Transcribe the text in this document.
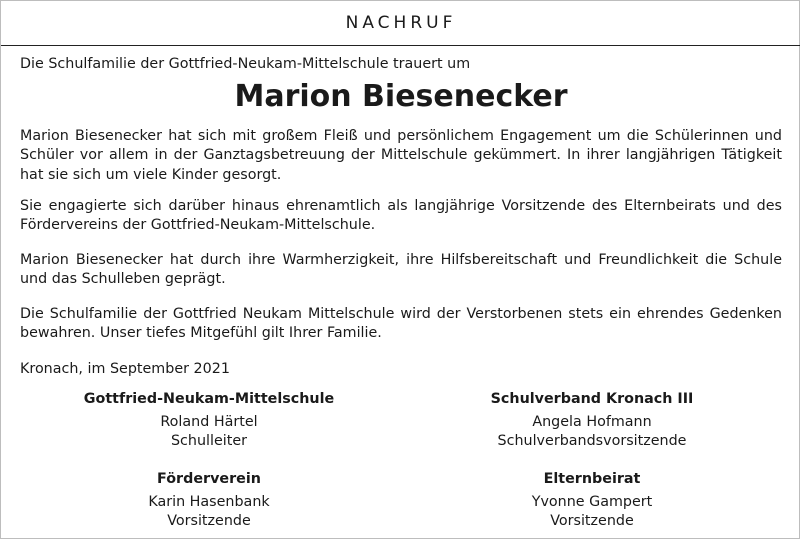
NACHRUF

Die Schulfamilie der Gottfried-Neukam-Mittelschule trauert um

Marion Biesenecker

Marion Biesenecker hat sich mit großem Fleiß und persönlichem Engagement um die Schülerinnen und Schüler vor allem in der Ganztagsbetreuung der Mittelschule gekümmert. In ihrer langjährigen Tätigkeit hat sie sich um viele Kinder gesorgt.

Sie engagierte sich darüber hinaus ehrenamtlich als langjährige Vorsitzende des Elternbeirats und des Fördervereins der Gottfried-Neukam-Mittelschule.

Marion Biesenecker hat durch ihre Warmherzigkeit, ihre Hilfsbereitschaft und Freundlichkeit die Schule und das Schulleben geprägt.

Die Schulfamilie der Gottfried Neukam Mittelschule wird der Verstorbenen stets ein ehrendes Gedenken bewahren. Unser tiefes Mitgefühl gilt Ihrer Familie.

Kronach, im September 2021

Gottfried-Neukam-Mittelschule
Roland Härtel
Schulleiter
Schulverband Kronach III
Angela Hofmann
Schulverbandsvorsitzende
Förderverein
Karin Hasenbank
Vorsitzende
Elternbeirat
Yvonne Gampert
Vorsitzende
